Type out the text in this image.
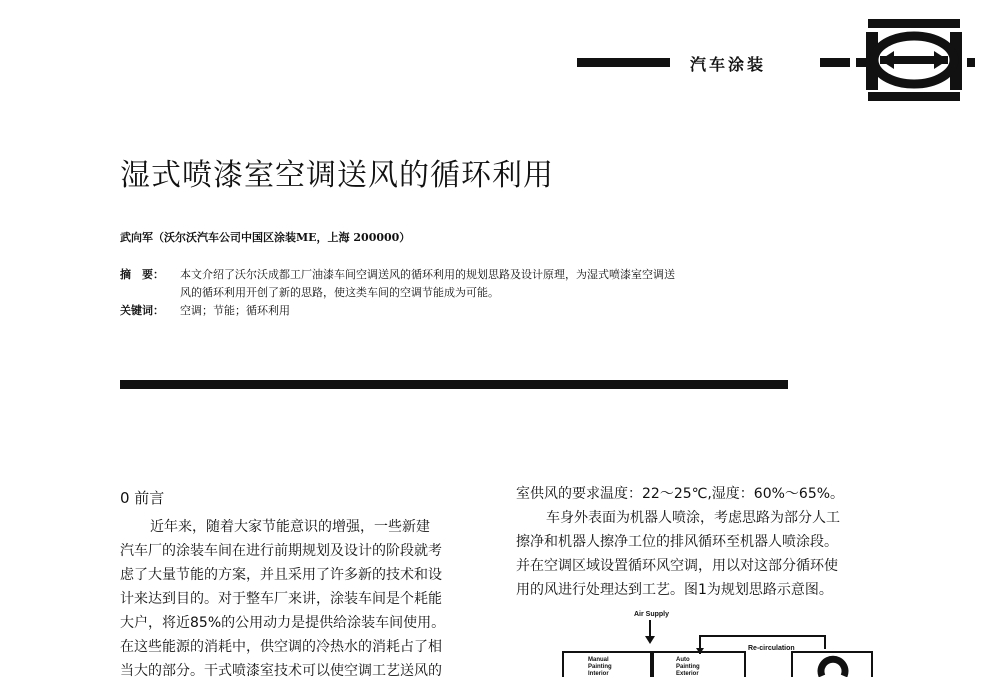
汽车涂装
湿式喷漆室空调送风的循环利用
武向军（沃尔沃汽车公司中国区涂装ME，上海 200000）
摘　要： 本文介绍了沃尔沃成都工厂油漆车间空调送风的循环利用的规划思路及设计原理，为湿式喷漆室空调送
风的循环利用开创了新的思路，使这类车间的空调节能成为可能。
关键词： 空调；节能；循环利用
0 前言
近年来，随着大家节能意识的增强，一些新建
汽车厂的涂装车间在进行前期规划及设计的阶段就考
虑了大量节能的方案，并且采用了许多新的技术和设
计来达到目的。对于整车厂来讲，涂装车间是个耗能
大户，将近85%的公用动力是提供给涂装车间使用。
在这些能源的消耗中，供空调的冷热水的消耗占了相
当大的部分。干式喷漆室技术可以使空调工艺送风的
室供风的要求温度：22～25℃,湿度：60%～65%。
车身外表面为机器人喷涂，考虑思路为部分人工
擦净和机器人擦净工位的排风循环至机器人喷涂段。
并在空调区域设置循环风空调，用以对这部分循环使
用的风进行处理达到工艺。图1为规划思路示意图。
Air Supply
Re-circulation
Manual
Painting
Interior
Auto
Painting
Exterior
